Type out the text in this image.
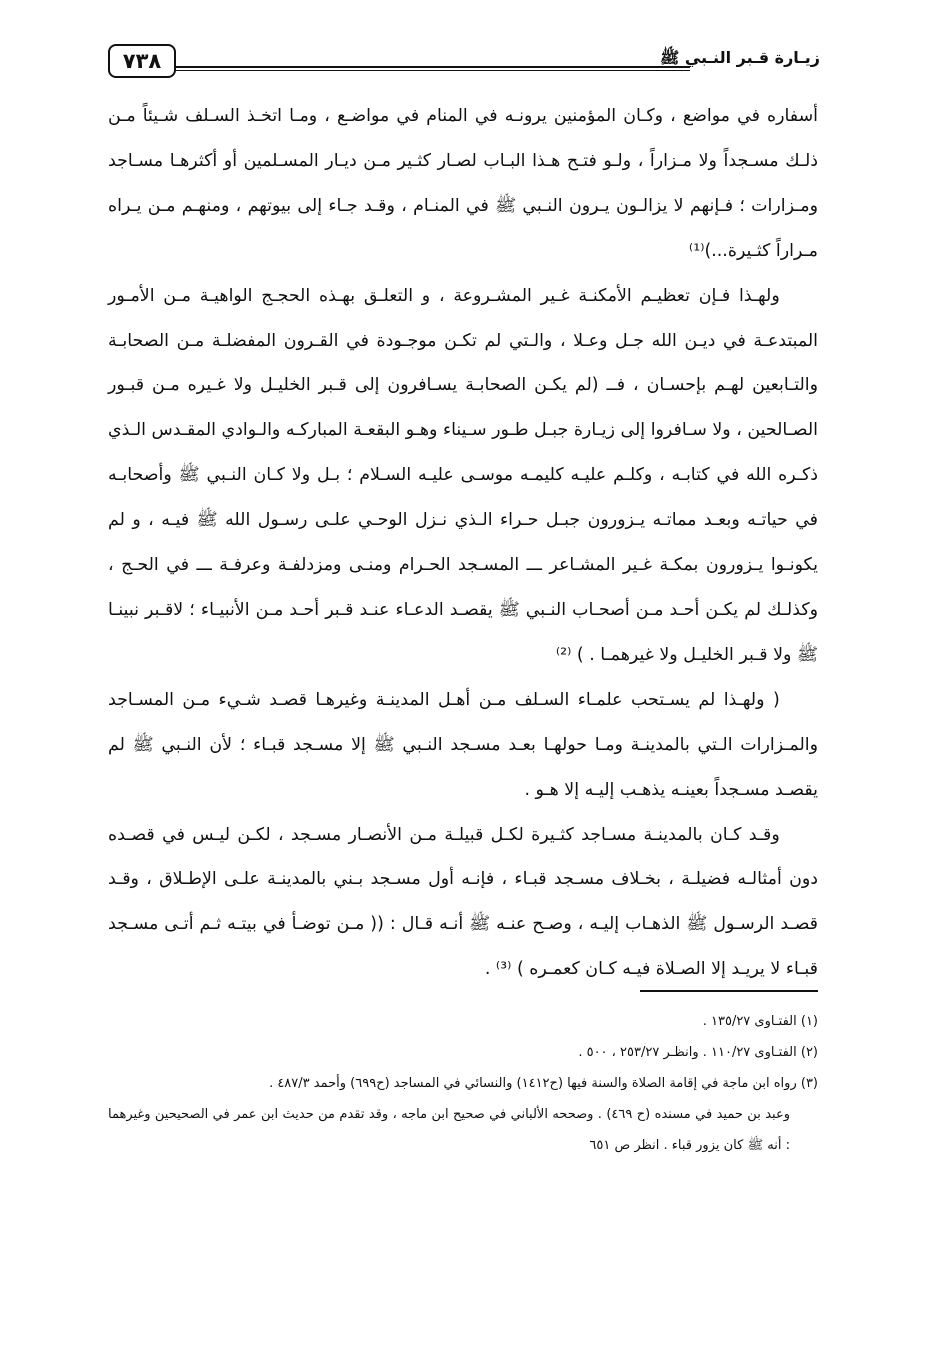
٧٣٨	زيـارة قـبر النـبي ﷺ

أسفاره في مواضع ، وكـان المؤمنين يرونـه في المنام في مواضـع ، ومـا اتخـذ السـلف شـيئاً مـن ذلـك مسـجداً ولا مـزاراً ، ولـو فتـح هـذا البـاب لصـار كثـير مـن ديـار المسـلمين أو أكثرهـا مسـاجد ومـزارات ؛ فـإنهم لا يزالـون يـرون النـبي ﷺ في المنـام ، وقـد جـاء إلى بيوتهم ، ومنهـم مـن يـراه مـراراً كثـيرة...)⁽¹⁾

ولهـذا فـإن تعظيـم الأمكنـة غـير المشـروعة ، و التعلـق بهـذه الحجـج الواهيـة مـن الأمـور المبتدعـة في ديـن الله جـل وعـلا ، والـتي لم تكـن موجـودة في القـرون المفضلـة مـن الصحابـة والتـابعين لهـم بإحسـان ، فــ (لم يكـن الصحابـة يسـافرون إلى قـبر الخليـل ولا غـيره مـن قبـور الصـالحين ، ولا سـافروا إلى زيـارة جبـل طـور سـيناء وهـو البقعـة المباركـه والـوادي المقـدس الـذي ذكـره الله في كتابـه ، وكلـم عليـه كليمـه موسـى عليـه السـلام ؛ بـل ولا كـان النـبي ﷺ وأصحابـه في حياتـه وبعـد مماتـه يـزورون جبـل حـراء الـذي نـزل الوحـي علـى رسـول الله ﷺ فيـه ، و لم يكونـوا يـزورون بمكـة غـير المشـاعر ـــ المسـجد الحـرام ومنـى ومزدلفـة وعرفـة ـــ في الحـج ، وكذلـك لم يكـن أحـد مـن أصحـاب النـبي ﷺ يقصـد الدعـاء عنـد قـبر أحـد مـن الأنبيـاء ؛ لاقـبر نبينـا ﷺ ولا قـبر الخليـل ولا غيرهمـا . ) ⁽²⁾

( ولهـذا لم يسـتحب علمـاء السـلف مـن أهـل المدينـة وغيرهـا قصـد شـيء مـن المسـاجد والمـزارات الـتي بالمدينـة ومـا حولهـا بعـد مسـجد النـبي ﷺ إلا مسـجد قبـاء ؛ لأن النـبي ﷺ لم يقصـد مسـجداً بعينـه يذهـب إليـه إلا هـو .

وقـد كـان بالمدينـة مسـاجد كثـيرة لكـل قبيلـة مـن الأنصـار مسـجد ، لكـن ليـس في قصـده دون أمثالـه فضيلـة ، بخـلاف مسـجد قبـاء ، فإنـه أول مسـجد بـني بالمدينـة علـى الإطـلاق ، وقـد قصـد الرسـول ﷺ الذهـاب إليـه ، وصـح عنـه ﷺ أنـه قـال : (( مـن توضـأ في بيتـه ثـم أتـى مسـجد قبـاء لا يريـد إلا الصـلاة فيـه كـان كعمـره ) ⁽³⁾ .

(١) الفتـاوى ١٣٥/٢٧ .

(٢) الفتـاوى ١١٠/٢٧ . وانظـر ٢٥٣/٢٧ ، ٥٠٠ .

(٣) رواه ابن ماجة في إقامة الصلاة والسنة فيها (ح١٤١٢) والنسائي في المساجد (ح٦٩٩) وأحمد ٤٨٧/٣ .

وعبد بن حميد في مسنده (ح ٤٦٩) . وصححه الألباني في صحيح ابن ماجه ، وقد تقدم من حديث ابن عمر في الصحيحين وغيرهما : أنه ﷺ كان يزور قباء . انظر ص ٦٥١
